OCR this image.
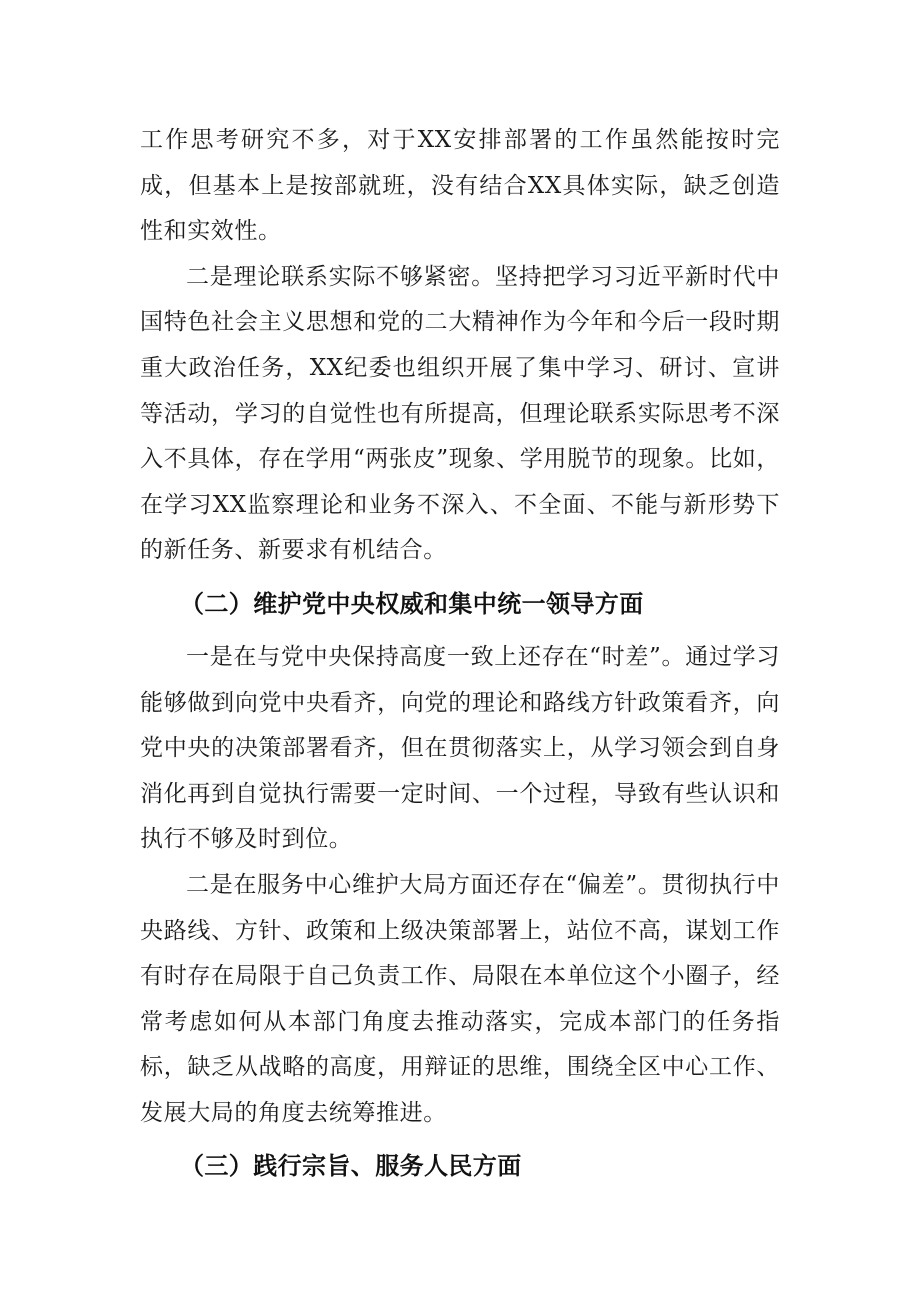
工作思考研究不多，对于XX安排部署的工作虽然能按时完成，但基本上是按部就班，没有结合XX具体实际，缺乏创造性和实效性。

二是理论联系实际不够紧密。坚持把学习习近平新时代中国特色社会主义思想和党的二大精神作为今年和今后一段时期重大政治任务，XX纪委也组织开展了集中学习、研讨、宣讲等活动，学习的自觉性也有所提高，但理论联系实际思考不深入不具体，存在学用“两张皮”现象、学用脱节的现象。比如，在学习XX监察理论和业务不深入、不全面、不能与新形势下的新任务、新要求有机结合。

（二）维护党中央权威和集中统一领导方面

一是在与党中央保持高度一致上还存在“时差”。通过学习能够做到向党中央看齐，向党的理论和路线方针政策看齐，向党中央的决策部署看齐，但在贯彻落实上，从学习领会到自身消化再到自觉执行需要一定时间、一个过程，导致有些认识和执行不够及时到位。

二是在服务中心维护大局方面还存在“偏差”。贯彻执行中央路线、方针、政策和上级决策部署上，站位不高，谋划工作有时存在局限于自己负责工作、局限在本单位这个小圈子，经常考虑如何从本部门角度去推动落实，完成本部门的任务指标，缺乏从战略的高度，用辩证的思维，围绕全区中心工作、发展大局的角度去统筹推进。

（三）践行宗旨、服务人民方面
